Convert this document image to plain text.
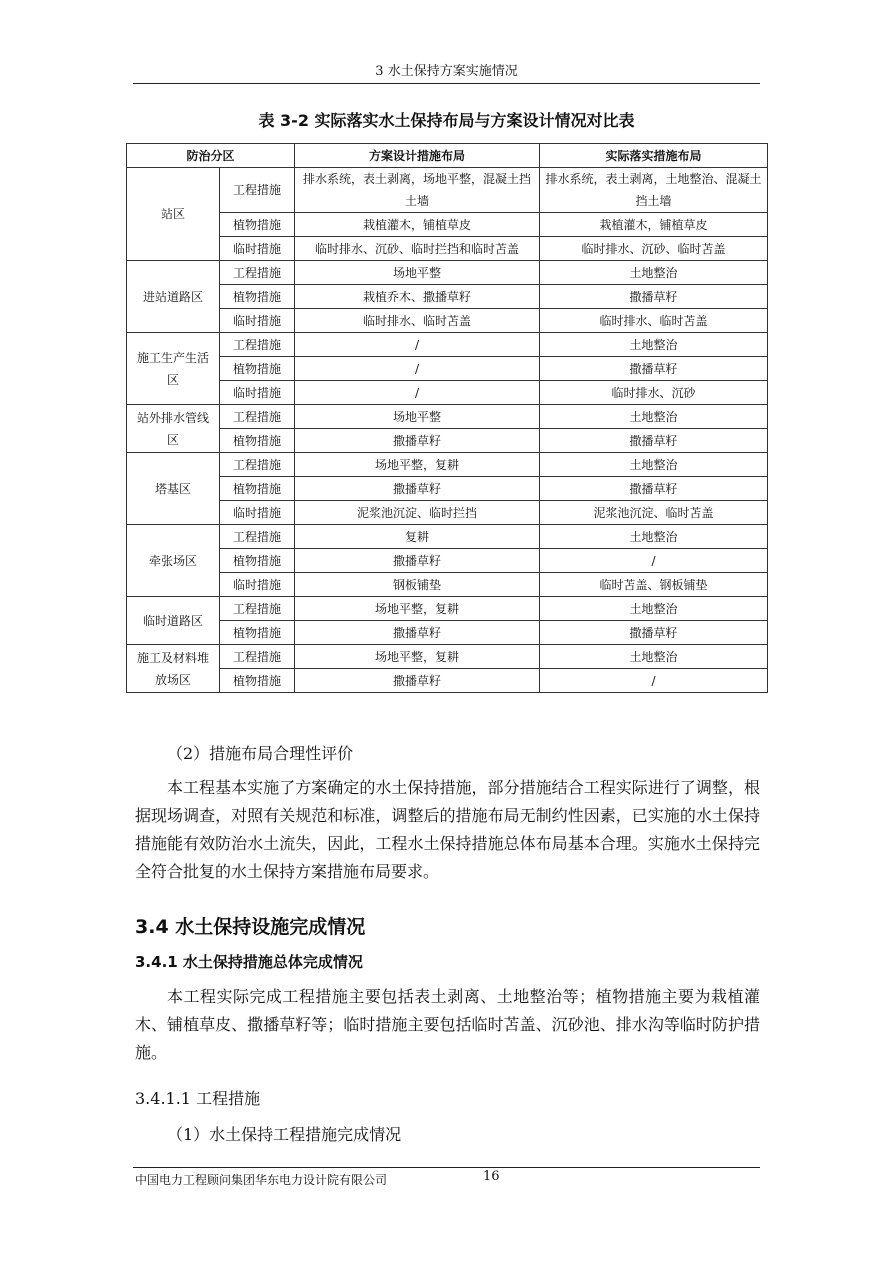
3 水土保持方案实施情况
表 3-2 实际落实水土保持布局与方案设计情况对比表
防治分区		方案设计措施布局	实际落实措施布局
站区	工程措施	排水系统，表土剥离，场地平整，混凝土挡土墙	排水系统，表土剥离，土地整治、混凝土挡土墙
	植物措施	栽植灌木，铺植草皮	栽植灌木，铺植草皮
	临时措施	临时排水、沉砂、临时拦挡和临时苫盖	临时排水、沉砂、临时苫盖
进站道路区	工程措施	场地平整	土地整治
	植物措施	栽植乔木、撒播草籽	撒播草籽
	临时措施	临时排水、临时苫盖	临时排水、临时苫盖
施工生产生活区	工程措施	/	土地整治
	植物措施	/	撒播草籽
	临时措施	/	临时排水、沉砂
站外排水管线区	工程措施	场地平整	土地整治
	植物措施	撒播草籽	撒播草籽
塔基区	工程措施	场地平整，复耕	土地整治
	植物措施	撒播草籽	撒播草籽
	临时措施	泥浆池沉淀、临时拦挡	泥浆池沉淀、临时苫盖
牵张场区	工程措施	复耕	土地整治
	植物措施	撒播草籽	/
	临时措施	钢板铺垫	临时苫盖、钢板铺垫
临时道路区	工程措施	场地平整，复耕	土地整治
	植物措施	撒播草籽	撒播草籽
施工及材料堆放场区	工程措施	场地平整，复耕	土地整治
	植物措施	撒播草籽	/
（2）措施布局合理性评价
本工程基本实施了方案确定的水土保持措施，部分措施结合工程实际进行了调整，根据现场调查，对照有关规范和标准，调整后的措施布局无制约性因素，已实施的水土保持措施能有效防治水土流失，因此，工程水土保持措施总体布局基本合理。实施水土保持完全符合批复的水土保持方案措施布局要求。
3.4 水土保持设施完成情况
3.4.1 水土保持措施总体完成情况
本工程实际完成工程措施主要包括表土剥离、土地整治等；植物措施主要为栽植灌木、铺植草皮、撒播草籽等；临时措施主要包括临时苫盖、沉砂池、排水沟等临时防护措施。
3.4.1.1 工程措施
（1）水土保持工程措施完成情况
中国电力工程顾问集团华东电力设计院有限公司	16
